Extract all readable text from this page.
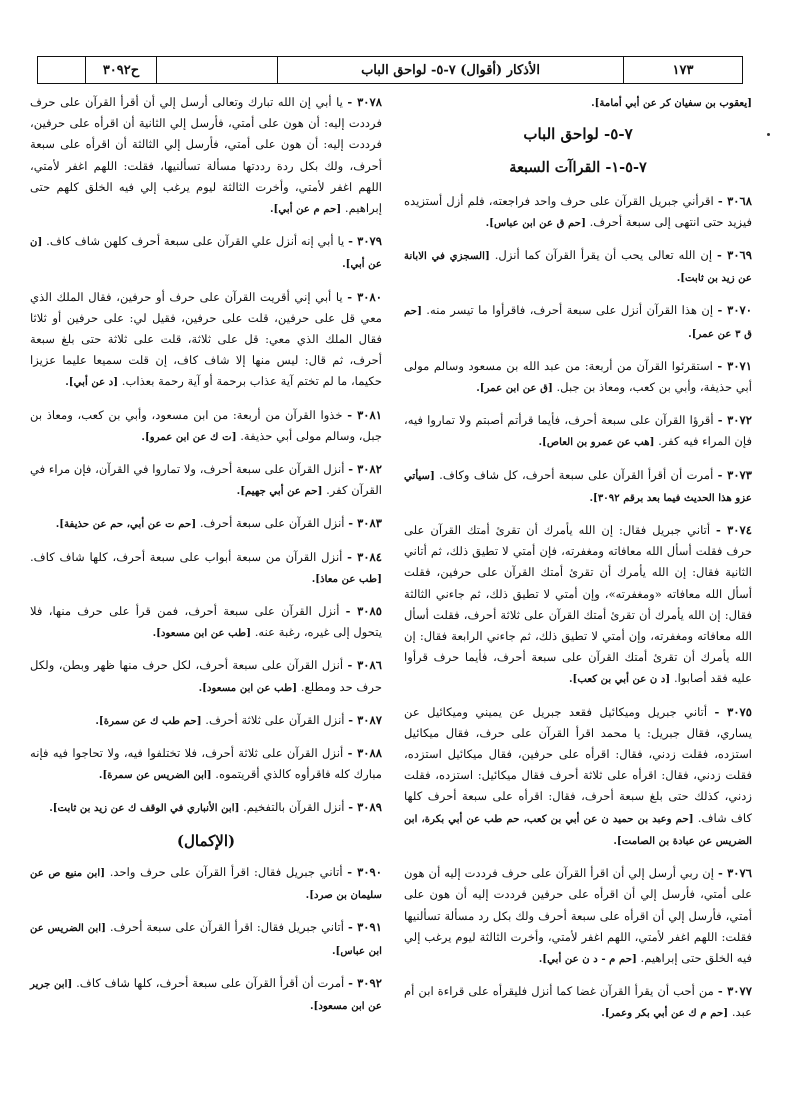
١٧٣
الأذكار (أقوال) ٧-٥- لواحق الباب
ح٣٠٩٢
[يعقوب بن سفيان كر عن أبي أمامة].
٧-٥- لواحق الباب
٧-٥-١- القراآت السبعة

٣٠٦٨ - اقرأني جبريل القرآن على حرف واحد فراجعته، فلم أزل أستزيده فيزيد حتى انتهى إلى سبعة أحرف. [حم ق عن ابن عباس].

٣٠٦٩ - إن الله تعالى يحب أن يقرأ القرآن كما أنزل. [السجزي في الابانة عن زيد بن ثابت].

٣٠٧٠ - إن هذا القرآن أنزل على سبعة أحرف، فاقرأوا ما تيسر منه. [حم ق ٣ عن عمر].

٣٠٧١ - استقرئوا القرآن من أربعة: من عبد الله بن مسعود وسالم مولى أبي حذيفة، وأبي بن كعب، ومعاذ بن جبل. [ق عن ابن عمر].

٣٠٧٢ - أقرؤا القرآن على سبعة أحرف، فأيما قرأتم أصبتم ولا تماروا فيه، فإن المراء فيه كفر. [هب عن عمرو بن العاص].

٣٠٧٣ - أمرت أن أقرأ القرآن على سبعة أحرف، كل شاف وكاف. [سيأتي عزو هذا الحديث فيما بعد برقم ٣٠٩٢].

٣٠٧٤ - أتاني جبريل فقال: إن الله يأمرك أن تقرئ أمتك القرآن على حرف فقلت أسأل الله معافاته ومغفرته، فإن أمتي لا تطيق ذلك، ثم أتاني الثانية فقال: إن الله يأمرك أن تقرئ أمتك القرآن على حرفين، فقلت أسأل الله معافاته «ومغفرته»، وإن أمتي لا تطيق ذلك، ثم جاءني الثالثة فقال: إن الله يأمرك أن تقرئ أمتك القرآن على ثلاثة أحرف، فقلت أسأل الله معافاته ومغفرته، وإن أمتي لا تطيق ذلك، ثم جاءني الرابعة فقال: إن الله يأمرك أن تقرئ أمتك القرآن على سبعة أحرف، فأيما حرف قرأوا عليه فقد أصابوا. [د ن عن أبي بن كعب].

٣٠٧٥ - أتاني جبريل وميكائيل فقعد جبريل عن يميني وميكائيل عن يساري، فقال جبريل: يا محمد اقرأ القرآن على حرف، فقال ميكائيل استزده، فقلت زدني، فقال: اقرأه على حرفين، فقال ميكائيل استزده، فقلت زدني، فقال: اقرأه على ثلاثة أحرف فقال ميكائيل: استزده، فقلت زدني، كذلك حتى بلغ سبعة أحرف، فقال: اقرأه على سبعة أحرف كلها كاف شاف. [حم وعبد بن حميد ن عن أبي بن كعب، حم طب عن أبي بكرة، ابن الضريس عن عبادة بن الصامت].

٣٠٧٦ - إن ربي أرسل إلي أن اقرأ القرآن على حرف فرددت إليه أن هون على أمتي، فأرسل إلي أن اقرأه على حرفين فرددت إليه أن هون على أمتي، فأرسل إلي أن اقرأه على سبعة أحرف ولك بكل رد مسألة تسألنيها فقلت: اللهم اغفر لأمتي، اللهم اغفر لأمتي، وأخرت الثالثة ليوم يرغب إلي فيه الخلق حتى إبراهيم. [حم م - د ن عن أبي].

٣٠٧٧ - من أحب أن يقرأ القرآن غضا كما أنزل فليقرأه على قراءة ابن أم عبد. [حم م ك عن أبي بكر وعمر].

٣٠٧٨ - يا أبي إن الله تبارك وتعالى أرسل إلي أن أقرأ القرآن على حرف فرددت إليه: أن هون على أمتي، فأرسل إلي الثانية أن اقرأه على حرفين، فرددت إليه: أن هون على أمتي، فأرسل إلي الثالثة أن اقرأه على سبعة أحرف، ولك بكل ردة رددتها مسألة تسألنيها، فقلت: اللهم اغفر لأمتي، اللهم اغفر لأمتي، وأخرت الثالثة ليوم يرغب إلي فيه الخلق كلهم حتى إبراهيم. [حم م عن أبي].

٣٠٧٩ - يا أبي إنه أنزل علي القرآن على سبعة أحرف كلهن شاف كاف. [ن عن أبي].

٣٠٨٠ - يا أبي إني أقريت القرآن على حرف أو حرفين، فقال الملك الذي معي قل على حرفين، قلت على حرفين، فقيل لي: على حرفين أو ثلاثا فقال الملك الذي معي: قل على ثلاثة، قلت على ثلاثة حتى بلغ سبعة أحرف، ثم قال: ليس منها إلا شاف كاف، إن قلت سميعا عليما عزيزا حكيما، ما لم تختم آية عذاب برحمة أو آية رحمة بعذاب. [د عن أبي].

٣٠٨١ - خذوا القرآن من أربعة: من ابن مسعود، وأبي بن كعب، ومعاذ بن جبل، وسالم مولى أبي حذيفة. [ت ك عن ابن عمرو].

٣٠٨٢ - أنزل القرآن على سبعة أحرف، ولا تماروا في القرآن، فإن مراء في القرآن كفر. [حم عن أبي جهيم].

٣٠٨٣ - أنزل القرآن على سبعة أحرف. [حم ت عن أبي، حم عن حذيفة].

٣٠٨٤ - أنزل القرآن من سبعة أبواب على سبعة أحرف، كلها شاف كاف. [طب عن معاذ].

٣٠٨٥ - أنزل القرآن على سبعة أحرف، فمن قرأ على حرف منها، فلا يتحول إلى غيره، رغبة عنه. [طب عن ابن مسعود].

٣٠٨٦ - أنزل القرآن على سبعة أحرف، لكل حرف منها ظهر وبطن، ولكل حرف حد ومطلع. [طب عن ابن مسعود].

٣٠٨٧ - أنزل القرآن على ثلاثة أحرف. [حم طب ك عن سمرة].

٣٠٨٨ - أنزل القرآن على ثلاثة أحرف، فلا تختلفوا فيه، ولا تحاجوا فيه فإنه مبارك كله فاقرأوه كالذي أقريتموه. [ابن الضريس عن سمرة].

٣٠٨٩ - أنزل القرآن بالتفخيم. [ابن الأنباري في الوقف ك عن زيد بن ثابت].

(الإكمال)

٣٠٩٠ - أتاني جبريل فقال: اقرأ القرآن على حرف واحد. [ابن منيع ص عن سليمان بن صرد].

٣٠٩١ - أتاني جبريل فقال: اقرأ القرآن على سبعة أحرف. [ابن الضريس عن ابن عباس].

٣٠٩٢ - أمرت أن أقرأ القرآن على سبعة أحرف، كلها شاف كاف. [ابن جرير عن ابن مسعود].
